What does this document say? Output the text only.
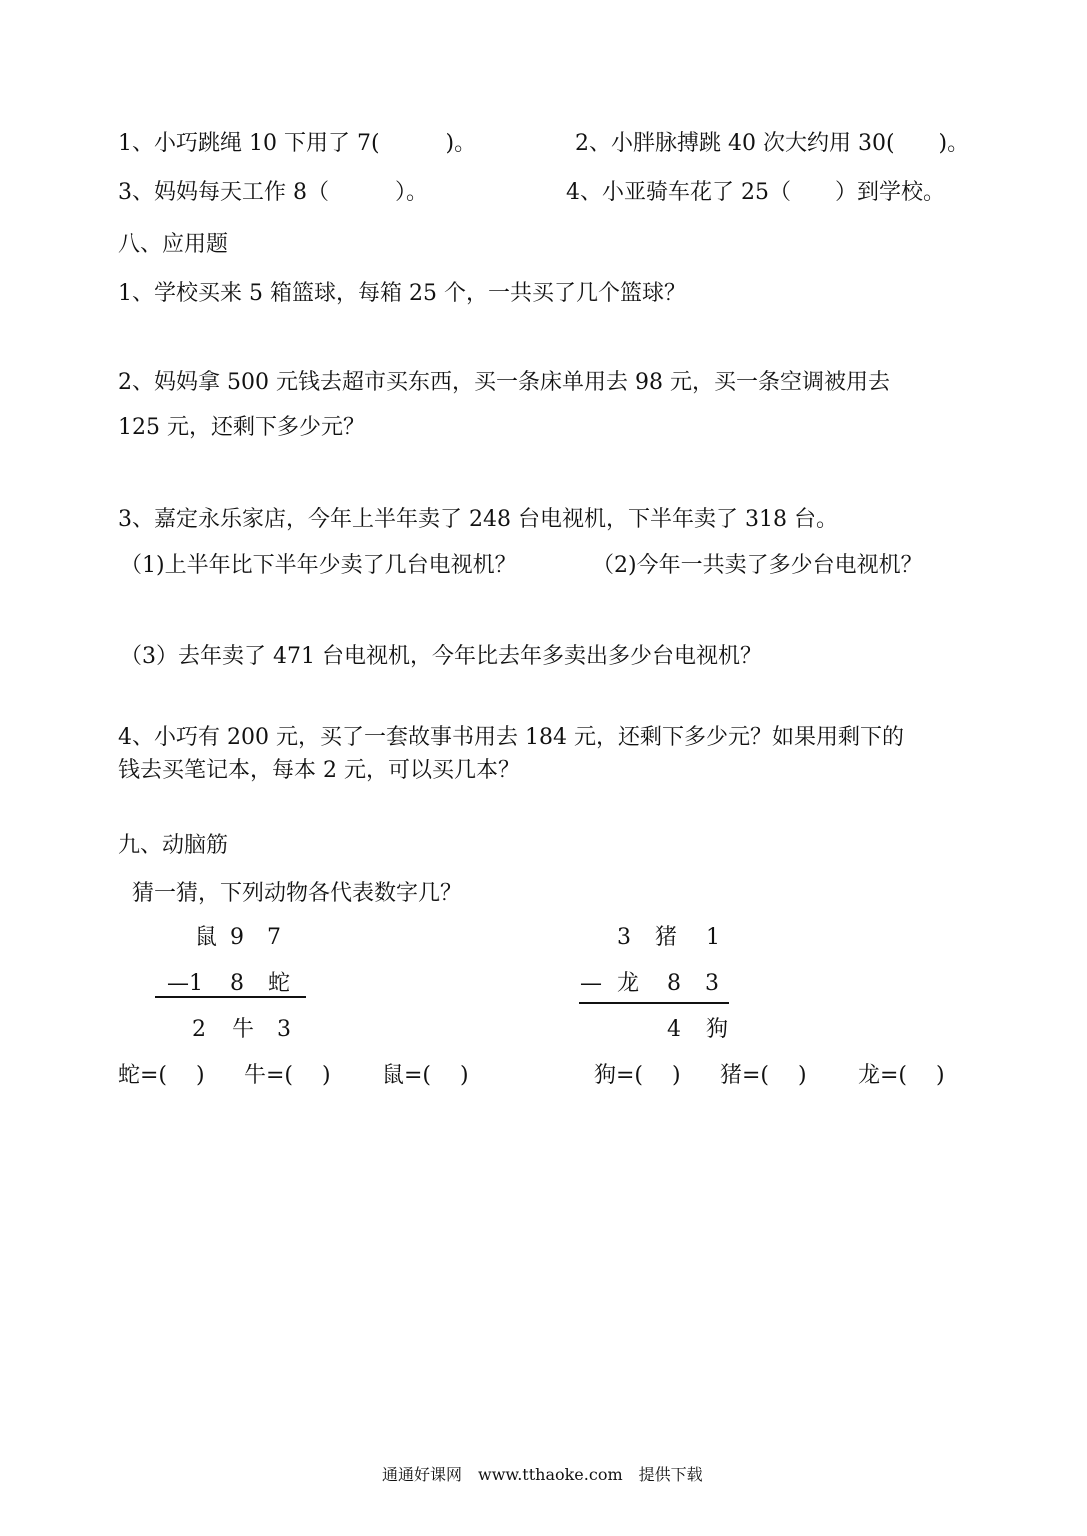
1、小巧跳绳 10 下用了 7(　　　)。	2、小胖脉搏跳 40 次大约用 30(　　)。
3、妈妈每天工作 8（　　　）。	4、小亚骑车花了 25（　　）到学校。
八、应用题
1、学校买来 5 箱篮球，每箱 25 个，一共买了几个篮球？
2、妈妈拿 500 元钱去超市买东西，买一条床单用去 98 元，买一条空调被用去
125 元，还剩下多少元？
3、嘉定永乐家店，今年上半年卖了 248 台电视机，下半年卖了 318 台。
（1)上半年比下半年少卖了几台电视机？	（2)今年一共卖了多少台电视机？
（3）去年卖了 471 台电视机，今年比去年多卖出多少台电视机？
4、小巧有 200 元，买了一套故事书用去 184 元，还剩下多少元？如果用剩下的
钱去买笔记本，每本 2 元，可以买几本？
九、动脑筋
猜一猜，下列动物各代表数字几？
鼠 9 7
—1 8 蛇
2 牛 3
3 猪 1
— 龙 8 3
4 狗
蛇=(　 ) 牛=(　 ) 鼠=(　 )	狗=(　 ) 猪=(　 ) 龙=(　 )
通通好课网　www.tthaoke.com　提供下载
